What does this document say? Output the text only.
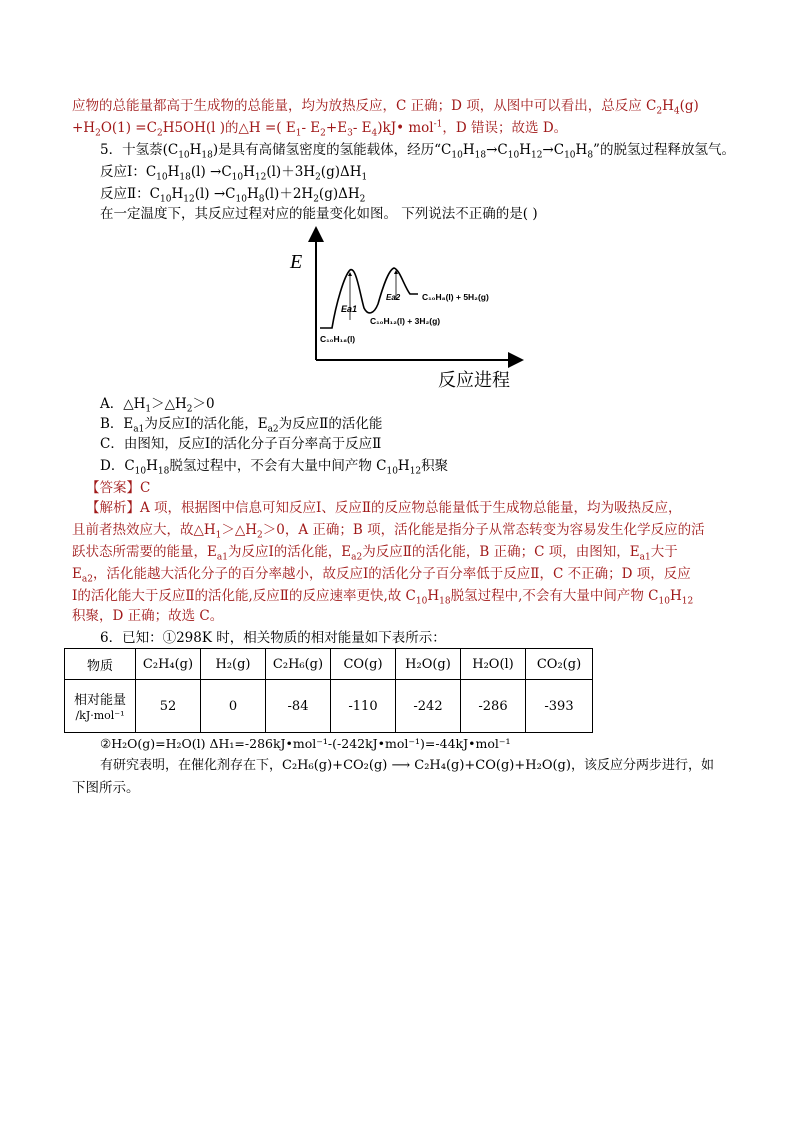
应物的总能量都高于生成物的总能量，均为放热反应，C 正确；D 项，从图中可以看出，总反应 $C_2H_4(g)$
$+H_2O(1) =C_2H5OH(l$ )的△H =( $E_1-$ $E_2+E_3-$ $E_4)kJ•$ mol$^{-1}$，D 错误；故选 D。
5．十氢萘$(C_{10}H_{18})$是具有高储氢密度的氢能载体，经历“$C_{10}H_{18}\to C_{10}H_{12}\to C_{10}H_8$”的脱氢过程释放氢气。
反应Ⅰ：$C_{10}H_{18}(l) \to C_{10}H_{12}(l)+3H_2(g)\Delta H_1$
反应Ⅱ：$C_{10}H_{12}(l) \to C_{10}H_8(l)+2H_2(g)\Delta H_2$
在一定温度下，其反应过程对应的能量变化如图。 下列说法不正确的是( )
E
反应进程
Ea1
Ea2
C₁₀H₁₈(l)
C₁₀H₁₂(l) + 3H₂(g)
C₁₀H₈(l) + 5H₂(g)
A．$\triangle H_1>\triangle H_2>0$
B．$E_{a1}$为反应Ⅰ的活化能，$E_{a2}$为反应Ⅱ的活化能
C．由图知，反应Ⅰ的活化分子百分率高于反应Ⅱ
D．$C_{10}H_{18}$脱氢过程中，不会有大量中间产物 $C_{10}H_{12}$积聚
【答案】C
【解析】A 项，根据图中信息可知反应Ⅰ、反应Ⅱ的反应物总能量低于生成物总能量，均为吸热反应，
且前者热效应大，故$\triangle H_1>\triangle H_2>0$，A 正确；B 项，活化能是指分子从常态转变为容易发生化学反应的活
跃状态所需要的能量，$E_{a1}$为反应Ⅰ的活化能，$E_{a2}$为反应Ⅱ的活化能，B 正确；C 项，由图知，$E_{a1}$大于
$E_{a2}$，活化能越大活化分子的百分率越小，故反应Ⅰ的活化分子百分率低于反应Ⅱ，C 不正确；D 项，反应
Ⅰ的活化能大于反应Ⅱ的活化能,反应Ⅱ的反应速率更快,故 $C_{10}H_{18}$脱氢过程中,不会有大量中间产物 $C_{10}H_{12}$
积聚，D 正确；故选 C。
6．已知：①298K 时，相关物质的相对能量如下表所示：
物质	C₂H₄(g)	H₂(g)	C₂H₆(g)	CO(g)	H₂O(g)	H₂O(l)	CO₂(g)
相对能量
/kJ·mol⁻¹	52	0	-84	-110	-242	-286	-393
②H₂O(g)=H₂O(l) ΔH₁=-286kJ•mol⁻¹-(-242kJ•mol⁻¹)=-44kJ•mol⁻¹
有研究表明，在催化剂存在下，C₂H₆(g)+CO₂(g) ⟶ C₂H₄(g)+CO(g)+H₂O(g)，该反应分两步进行，如
下图所示。
